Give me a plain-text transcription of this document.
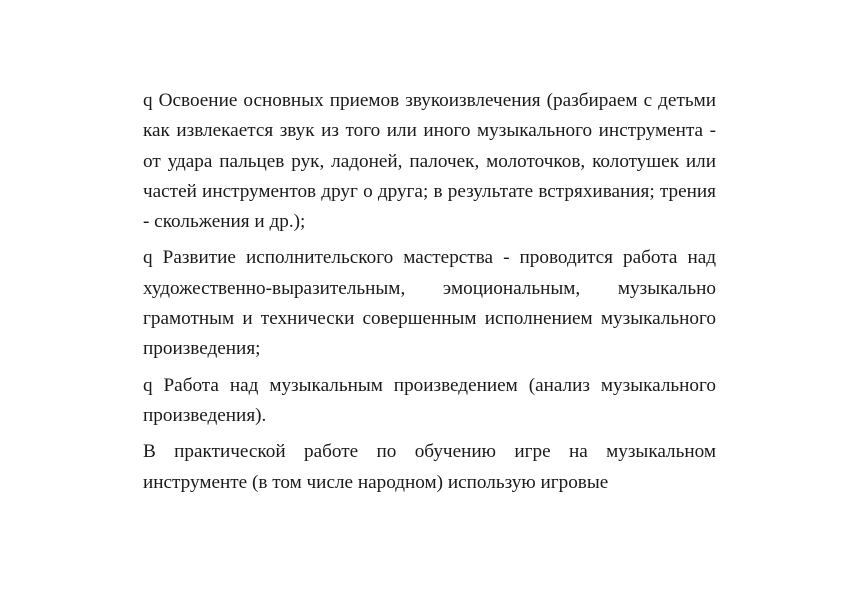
q Освоение основных приемов звукоизвлечения (разбираем с детьми как извлекается звук из того или иного музыкального инструмента - от удара пальцев рук, ладоней, палочек, молоточков, колотушек или частей инструментов друг о друга; в результате встряхивания; трения - скольжения и др.);

q Развитие исполнительского мастерства - проводится работа над художественно-выразительным, эмоциональным, музыкально грамотным и технически совершенным исполнением музыкального произведения;

q Работа над музыкальным произведением (анализ музыкального произведения).

В практической работе по обучению игре на музыкальном инструменте (в том числе народном) использую игровые
